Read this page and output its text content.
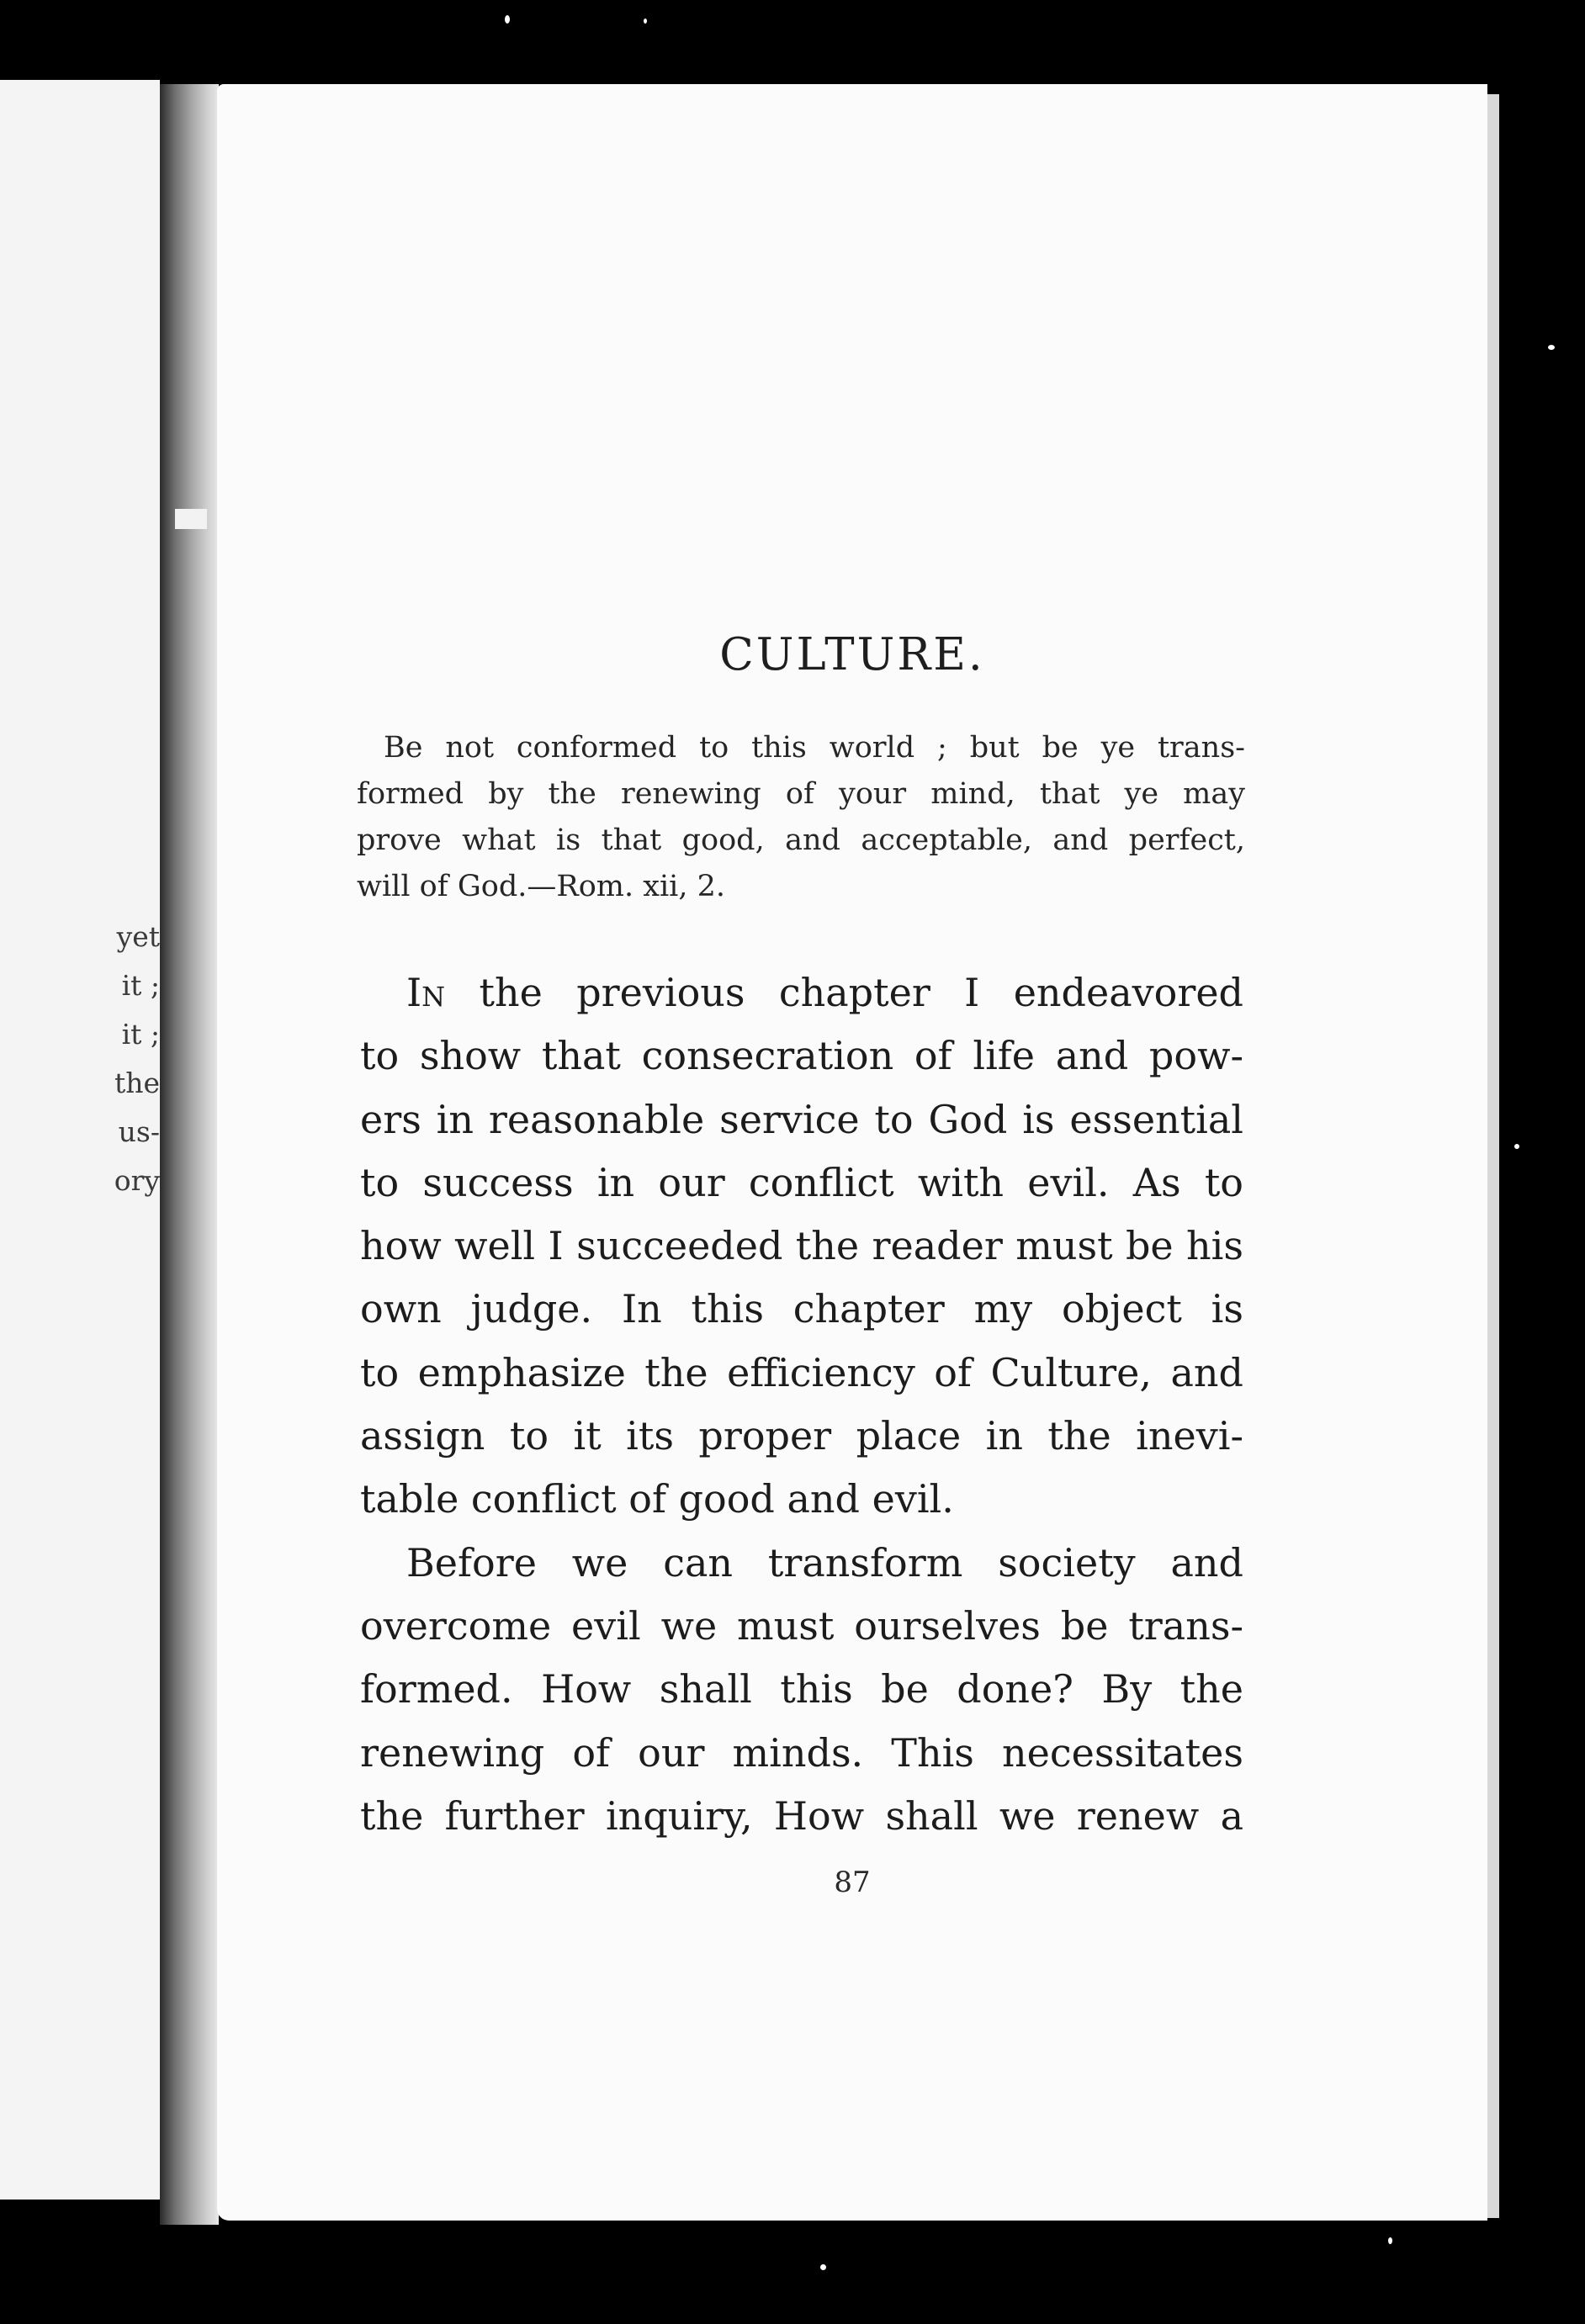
yet
it ;
it ;
the
us-
ory
CULTURE.
Be not conformed to this world ; but be ye trans-
formed by the renewing of your mind, that ye may
prove what is that good, and acceptable, and perfect,
will of God.—Rom. xii, 2.
In the previous chapter I endeavored
to show that consecration of life and pow-
ers in reasonable service to God is essential
to success in our conflict with evil. As to
how well I succeeded the reader must be his
own judge. In this chapter my object is
to emphasize the efficiency of Culture, and
assign to it its proper place in the inevi-
table conflict of good and evil.
Before we can transform society and
overcome evil we must ourselves be trans-
formed. How shall this be done? By the
renewing of our minds. This necessitates
the further inquiry, How shall we renew a
87
